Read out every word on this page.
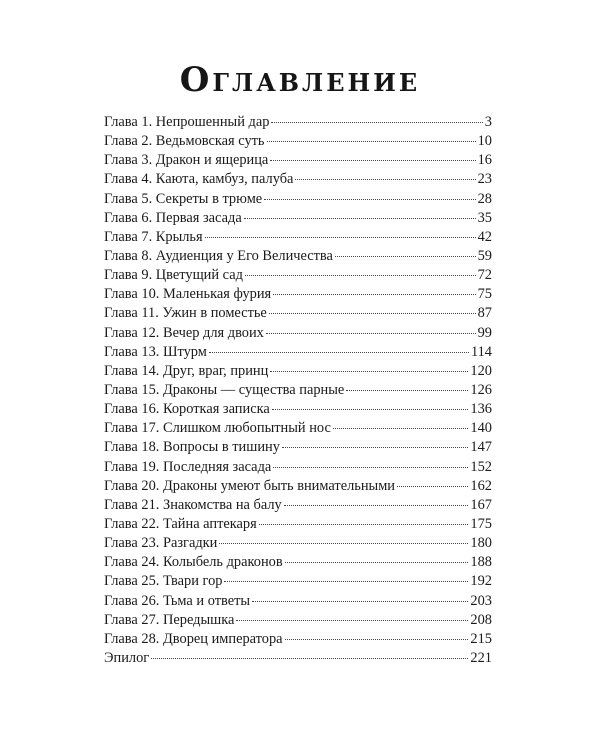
Оглавление
Глава 1. Непрошенный дар	3
Глава 2. Ведьмовская суть	10
Глава 3. Дракон и ящерица	16
Глава 4. Каюта, камбуз, палуба	23
Глава 5. Секреты в трюме	28
Глава 6. Первая засада	35
Глава 7. Крылья	42
Глава 8. Аудиенция у Его Величества	59
Глава 9. Цветущий сад	72
Глава 10. Маленькая фурия	75
Глава 11. Ужин в поместье	87
Глава 12. Вечер для двоих	99
Глава 13. Штурм	114
Глава 14. Друг, враг, принц	120
Глава 15. Драконы — существа парные	126
Глава 16. Короткая записка	136
Глава 17. Слишком любопытный нос	140
Глава 18. Вопросы в тишину	147
Глава 19. Последняя засада	152
Глава 20. Драконы умеют быть внимательными	162
Глава 21. Знакомства на балу	167
Глава 22. Тайна аптекаря	175
Глава 23. Разгадки	180
Глава 24. Колыбель драконов	188
Глава 25. Твари гор	192
Глава 26. Тьма и ответы	203
Глава 27. Передышка	208
Глава 28. Дворец императора	215
Эпилог	221
